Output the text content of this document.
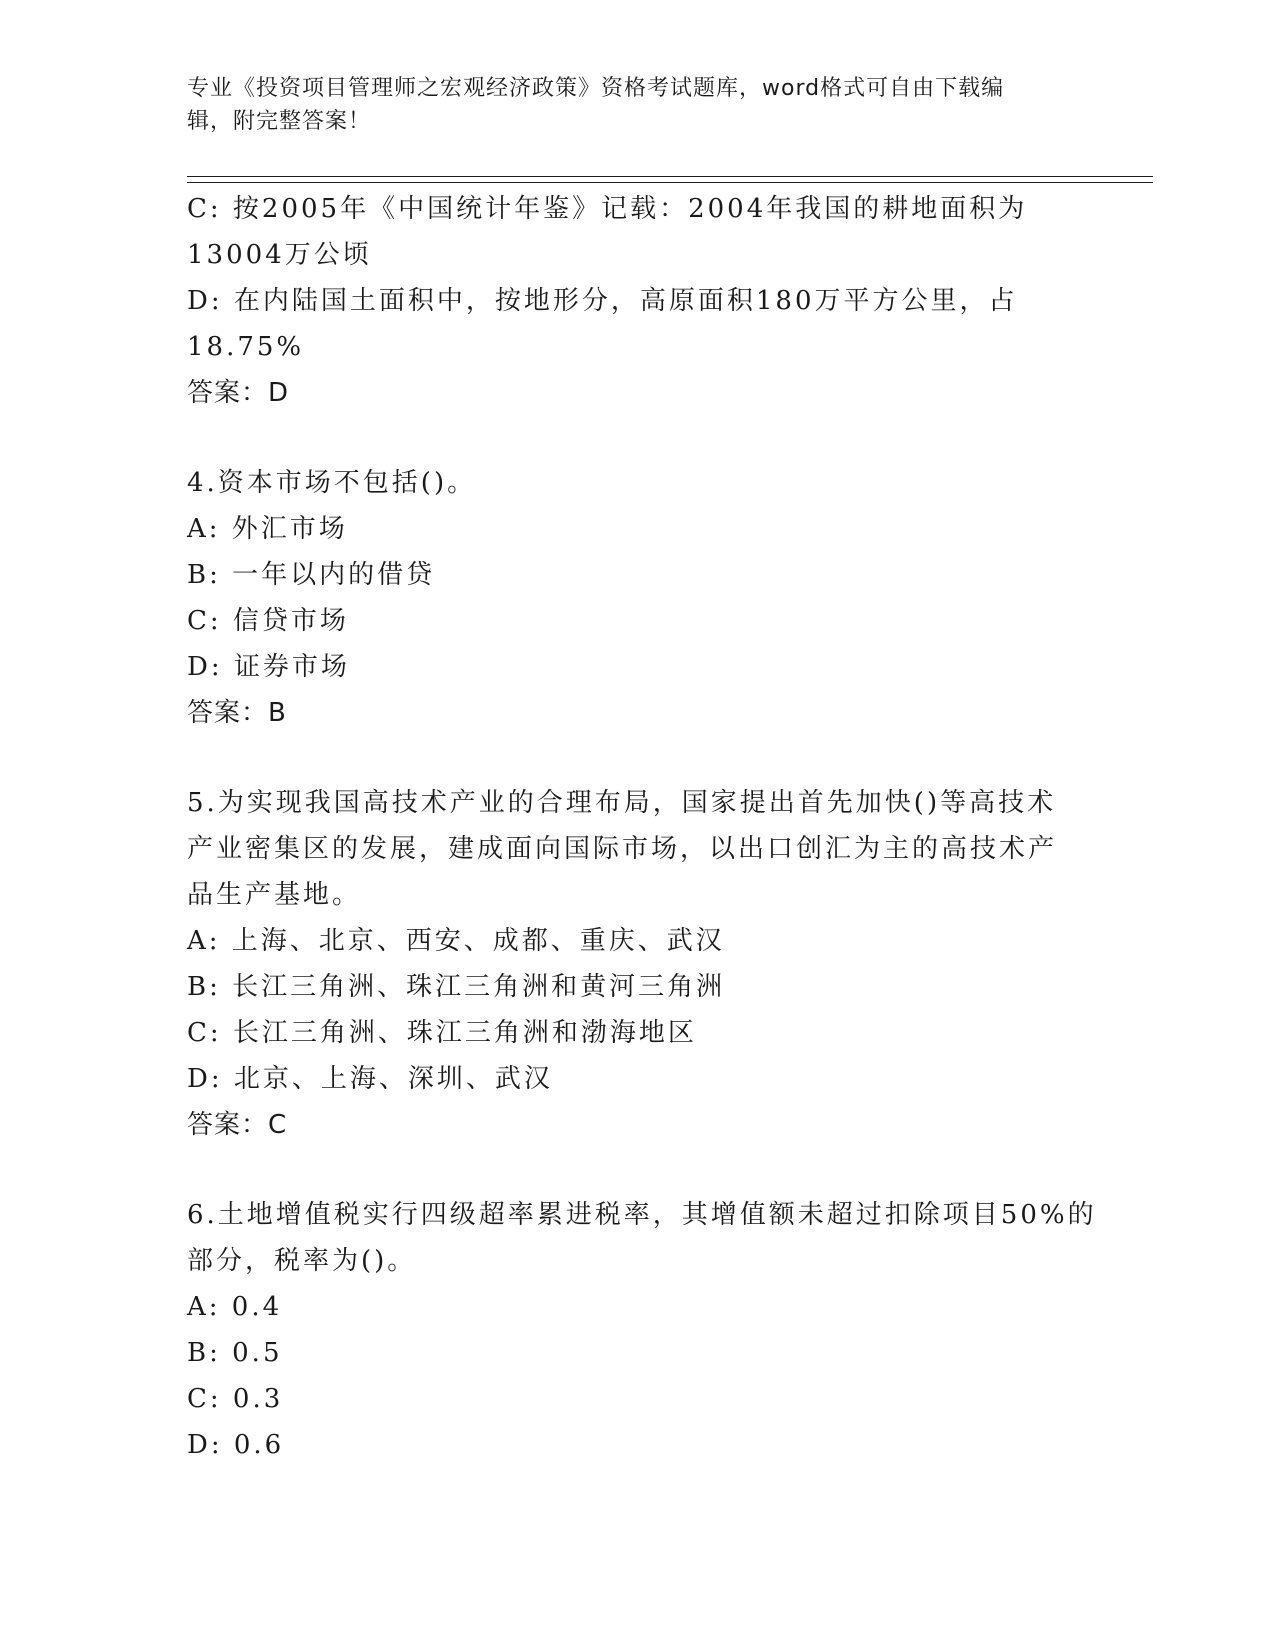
专业《投资项目管理师之宏观经济政策》资格考试题库，word格式可自由下载编
辑，附完整答案！
C: 按2005年《中国统计年鉴》记载：2004年我国的耕地面积为
13004万公顷
D: 在内陆国土面积中，按地形分，高原面积180万平方公里，占
18.75%
答案：D
4.资本市场不包括()。
A: 外汇市场
B: 一年以内的借贷
C: 信贷市场
D: 证券市场
答案：B
5.为实现我国高技术产业的合理布局，国家提出首先加快()等高技术
产业密集区的发展，建成面向国际市场，以出口创汇为主的高技术产
品生产基地。
A: 上海、北京、西安、成都、重庆、武汉
B: 长江三角洲、珠江三角洲和黄河三角洲
C: 长江三角洲、珠江三角洲和渤海地区
D: 北京、上海、深圳、武汉
答案：C
6.土地增值税实行四级超率累进税率，其增值额未超过扣除项目50%的
部分，税率为()。
A: 0.4
B: 0.5
C: 0.3
D: 0.6
